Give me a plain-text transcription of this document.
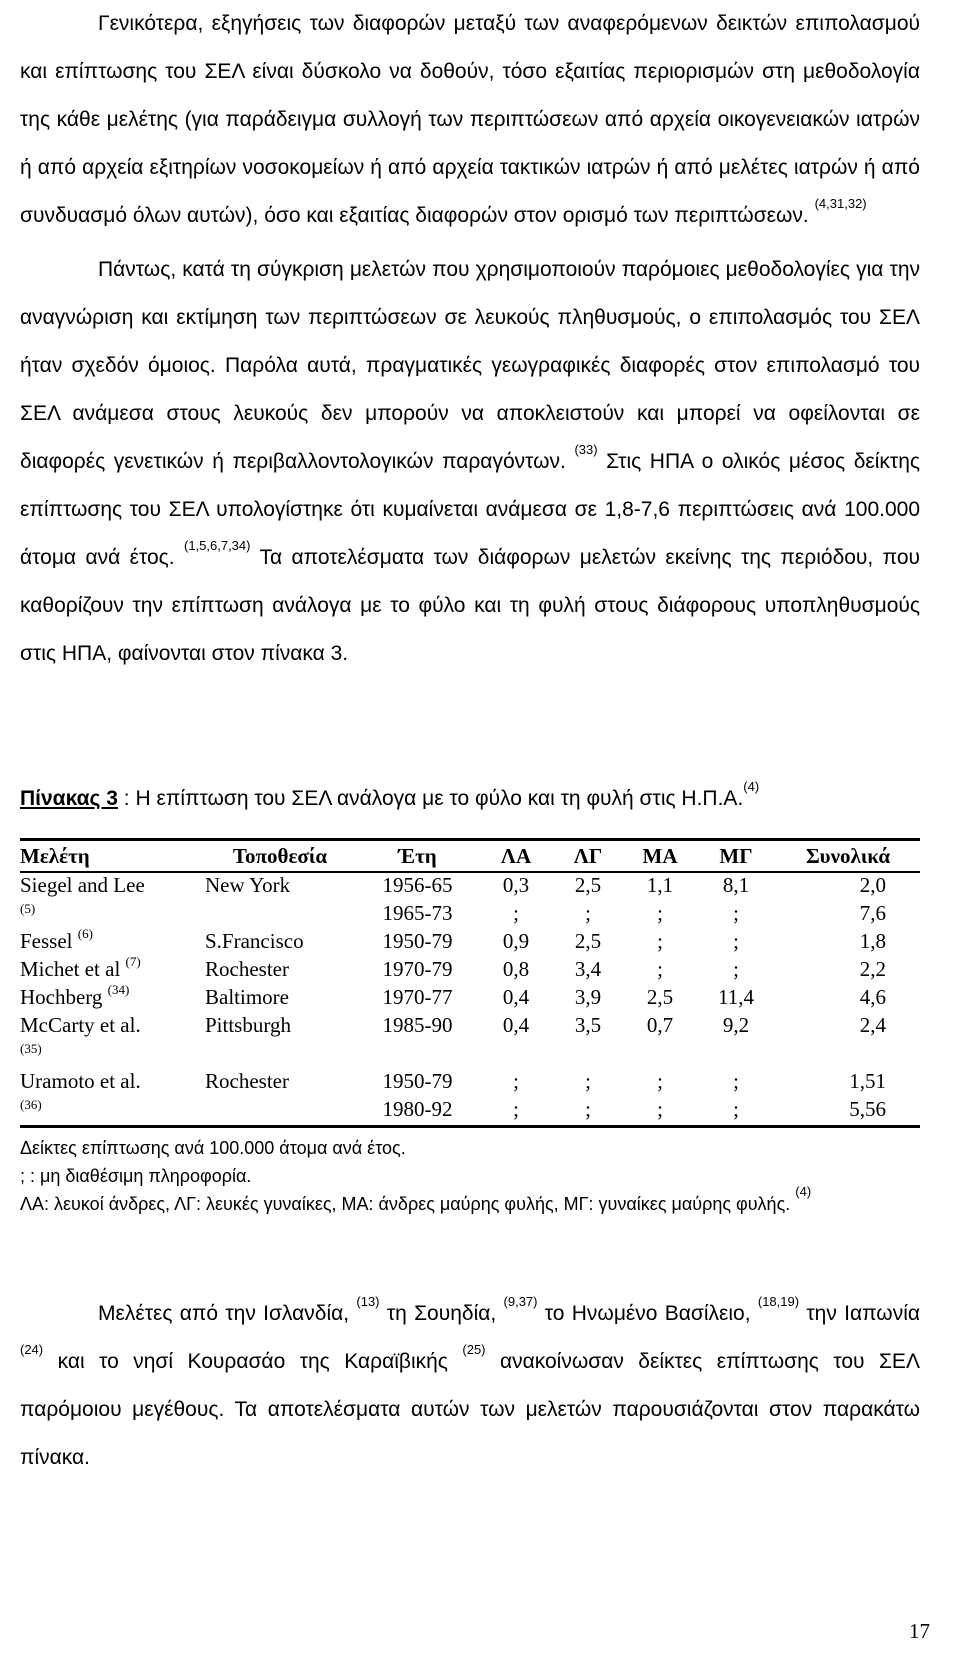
Γενικότερα, εξηγήσεις των διαφορών μεταξύ των αναφερόμενων δεικτών επιπολασμού και επίπτωσης του ΣΕΛ είναι δύσκολο να δοθούν, τόσο εξαιτίας περιορισμών στη μεθοδολογία της κάθε μελέτης (για παράδειγμα συλλογή των περιπτώσεων από αρχεία οικογενειακών ιατρών ή από αρχεία εξιτηρίων νοσοκομείων ή από αρχεία τακτικών ιατρών ή από μελέτες ιατρών ή από συνδυασμό όλων αυτών), όσο και εξαιτίας διαφορών στον ορισμό των περιπτώσεων. $^{(4,31,32)}$

Πάντως, κατά τη σύγκριση μελετών που χρησιμοποιούν παρόμοιες μεθοδολογίες για την αναγνώριση και εκτίμηση των περιπτώσεων σε λευκούς πληθυσμούς, ο επιπολασμός του ΣΕΛ ήταν σχεδόν όμοιος. Παρόλα αυτά, πραγματικές γεωγραφικές διαφορές στον επιπολασμό του ΣΕΛ ανάμεσα στους λευκούς δεν μπορούν να αποκλειστούν και μπορεί να οφείλονται σε διαφορές γενετικών ή περιβαλλοντολογικών παραγόντων. $^{(33)}$ Στις ΗΠΑ ο ολικός μέσος δείκτης επίπτωσης του ΣΕΛ υπολογίστηκε ότι κυμαίνεται ανάμεσα σε 1,8-7,6 περιπτώσεις ανά 100.000 άτομα ανά έτος. $^{(1,5,6,7,34)}$ Τα αποτελέσματα των διάφορων μελετών εκείνης της περιόδου, που καθορίζουν την επίπτωση ανάλογα με το φύλο και τη φυλή στους διάφορους υποπληθυσμούς στις ΗΠΑ, φαίνονται στον πίνακα 3.

Πίνακας 3 : Η επίπτωση του ΣΕΛ ανάλογα με το φύλο και τη φυλή στις Η.Π.Α.$^{(4)}$
Μελέτη	Τοποθεσία	Έτη	ΛΑ	ΛΓ	ΜΑ	ΜΓ	Συνολικά
Siegel and Lee	New York	1956-65	0,3	2,5	1,1	8,1	2,0
(5)		1965-73	;	;	;	;	7,6
Fessel $^{(6)}$	S.Francisco	1950-79	0,9	2,5	;	;	1,8
Michet et al $^{(7)}$	Rochester	1970-79	0,8	3,4	;	;	2,2
Hochberg $^{(34)}$	Baltimore	1970-77	0,4	3,9	2,5	11,4	4,6
McCarty et al.	Pittsburgh	1985-90	0,4	3,5	0,7	9,2	2,4
(35)							
Uramoto et al.	Rochester	1950-79	;	;	;	;	1,51
(36)		1980-92	;	;	;	;	5,56
Δείκτες επίπτωσης ανά 100.000 άτομα ανά έτος.
; : μη διαθέσιμη πληροφορία.
ΛΑ: λευκοί άνδρες, ΛΓ: λευκές γυναίκες, ΜΑ: άνδρες μαύρης φυλής, ΜΓ: γυναίκες μαύρης φυλής. $^{(4)}$

Μελέτες από την Ισλανδία, $^{(13)}$ τη Σουηδία, $^{(9,37)}$ το Ηνωμένο Βασίλειο, $^{(18,19)}$ την Ιαπωνία $^{(24)}$ και το νησί Κουρασάο της Καραϊβικής $^{(25)}$ ανακοίνωσαν δείκτες επίπτωσης του ΣΕΛ παρόμοιου μεγέθους. Τα αποτελέσματα αυτών των μελετών παρουσιάζονται στον παρακάτω πίνακα.

17
